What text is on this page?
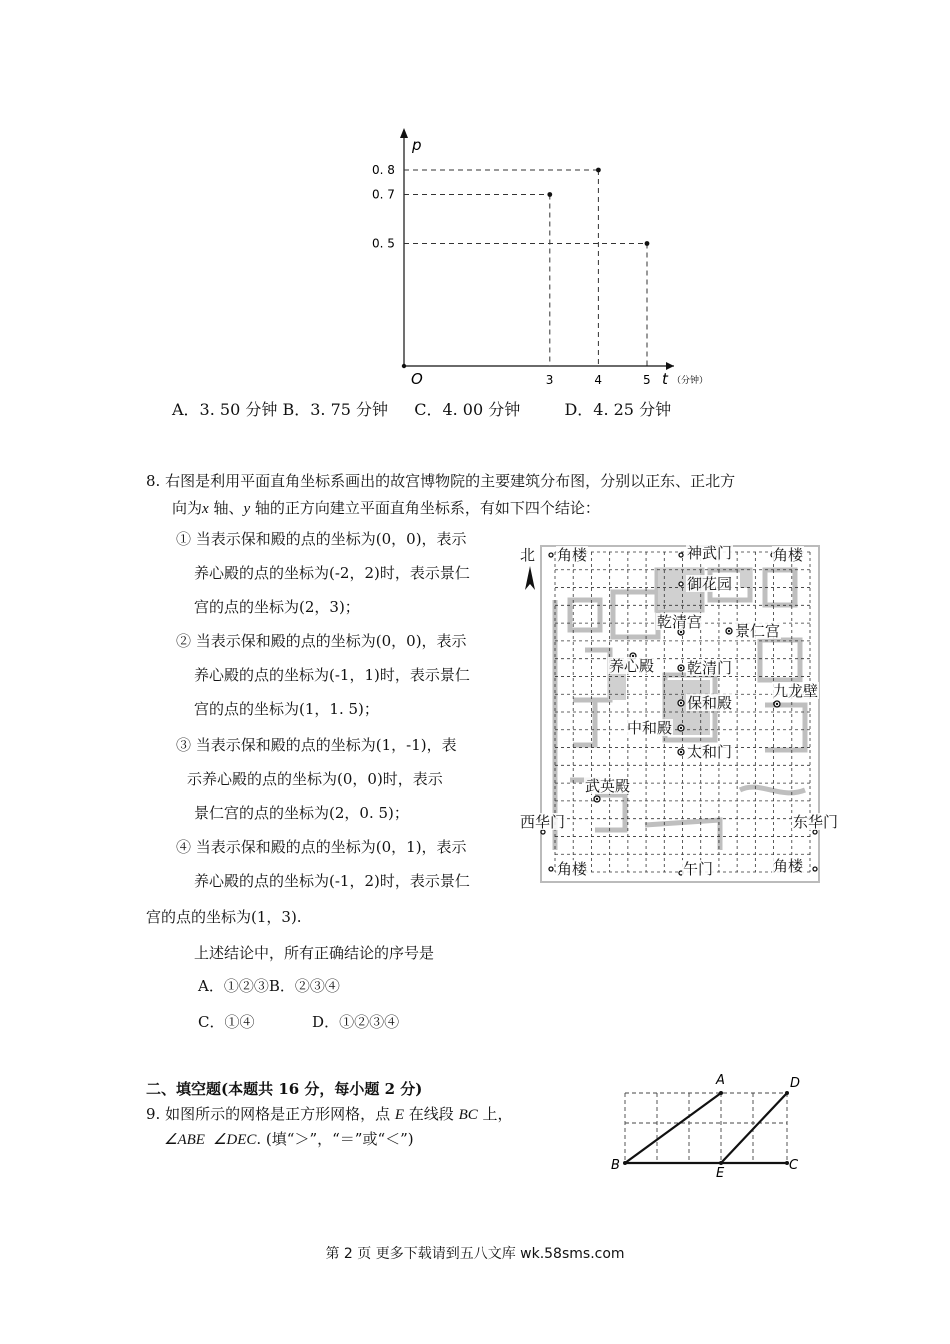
O
p
t （分钟）
3	4	5
0. 8
0. 7
0. 5
A．3. 50 分钟 B．3. 75 分钟 C．4. 00 分钟	D．4. 25 分钟
8. 右图是利用平面直角坐标系画出的故宫博物院的主要建筑分布图，分别以正东、正北方
向为x 轴、y 轴的正方向建立平面直角坐标系，有如下四个结论：
① 当表示保和殿的点的坐标为(0，0)，表示
养心殿的点的坐标为(-2，2)时，表示景仁
宫的点的坐标为(2，3)；
② 当表示保和殿的点的坐标为(0，0)，表示
养心殿的点的坐标为(-1，1)时，表示景仁
宫的点的坐标为(1，1. 5)；
③ 当表示保和殿的点的坐标为(1，-1)，表
示养心殿的点的坐标为(0，0)时，表示
景仁宫的点的坐标为(2，0. 5)；
④ 当表示保和殿的点的坐标为(0，1)，表示
养心殿的点的坐标为(-1，2)时，表示景仁
宫的点的坐标为(1，3).
上述结论中，所有正确结论的序号是
A．①②③B．②③④
C．①④	D．①②③④
北 角楼	神武门	角楼
御花园
乾清宫 景仁宫
养心殿 乾清门
保和殿
九龙壁
中和殿
太和门
武英殿
西华门	东华门
角楼	午门	角楼
二、填空题(本题共 16 分，每小题 2 分)
9. 如图所示的网格是正方形网格，点 E 在线段 BC 上，
∠ABE ∠DEC. (填“＞”，“＝”或“＜”)
A	D
B
E
C
第 2 页 更多下载请到五八文库 wk.58sms.com
